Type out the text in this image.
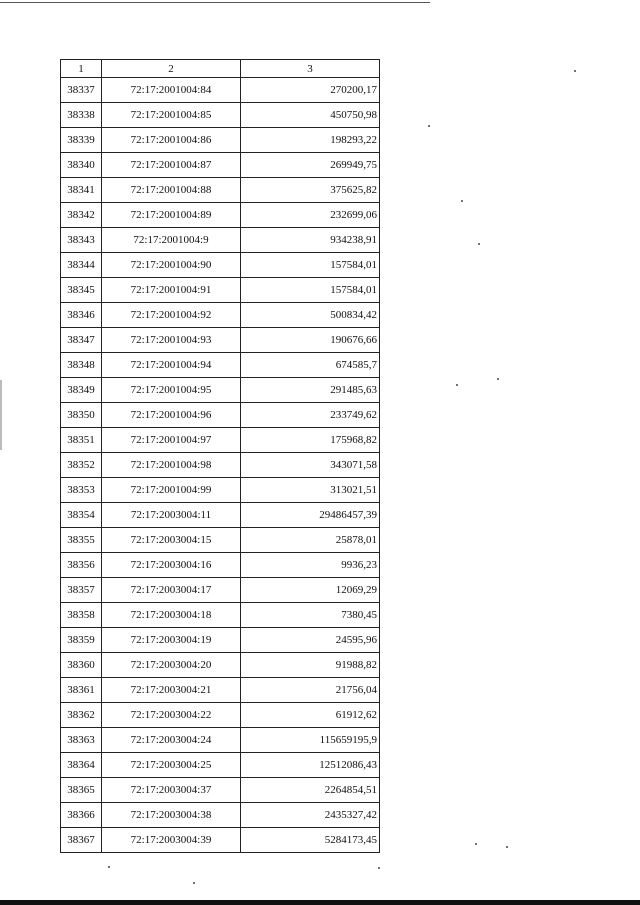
1	2	3
38337	72:17:2001004:84	270200,17
38338	72:17:2001004:85	450750,98
38339	72:17:2001004:86	198293,22
38340	72:17:2001004:87	269949,75
38341	72:17:2001004:88	375625,82
38342	72:17:2001004:89	232699,06
38343	72:17:2001004:9	934238,91
38344	72:17:2001004:90	157584,01
38345	72:17:2001004:91	157584,01
38346	72:17:2001004:92	500834,42
38347	72:17:2001004:93	190676,66
38348	72:17:2001004:94	674585,7
38349	72:17:2001004:95	291485,63
38350	72:17:2001004:96	233749,62
38351	72:17:2001004:97	175968,82
38352	72:17:2001004:98	343071,58
38353	72:17:2001004:99	313021,51
38354	72:17:2003004:11	29486457,39
38355	72:17:2003004:15	25878,01
38356	72:17:2003004:16	9936,23
38357	72:17:2003004:17	12069,29
38358	72:17:2003004:18	7380,45
38359	72:17:2003004:19	24595,96
38360	72:17:2003004:20	91988,82
38361	72:17:2003004:21	21756,04
38362	72:17:2003004:22	61912,62
38363	72:17:2003004:24	115659195,9
38364	72:17:2003004:25	12512086,43
38365	72:17:2003004:37	2264854,51
38366	72:17:2003004:38	2435327,42
38367	72:17:2003004:39	5284173,45
